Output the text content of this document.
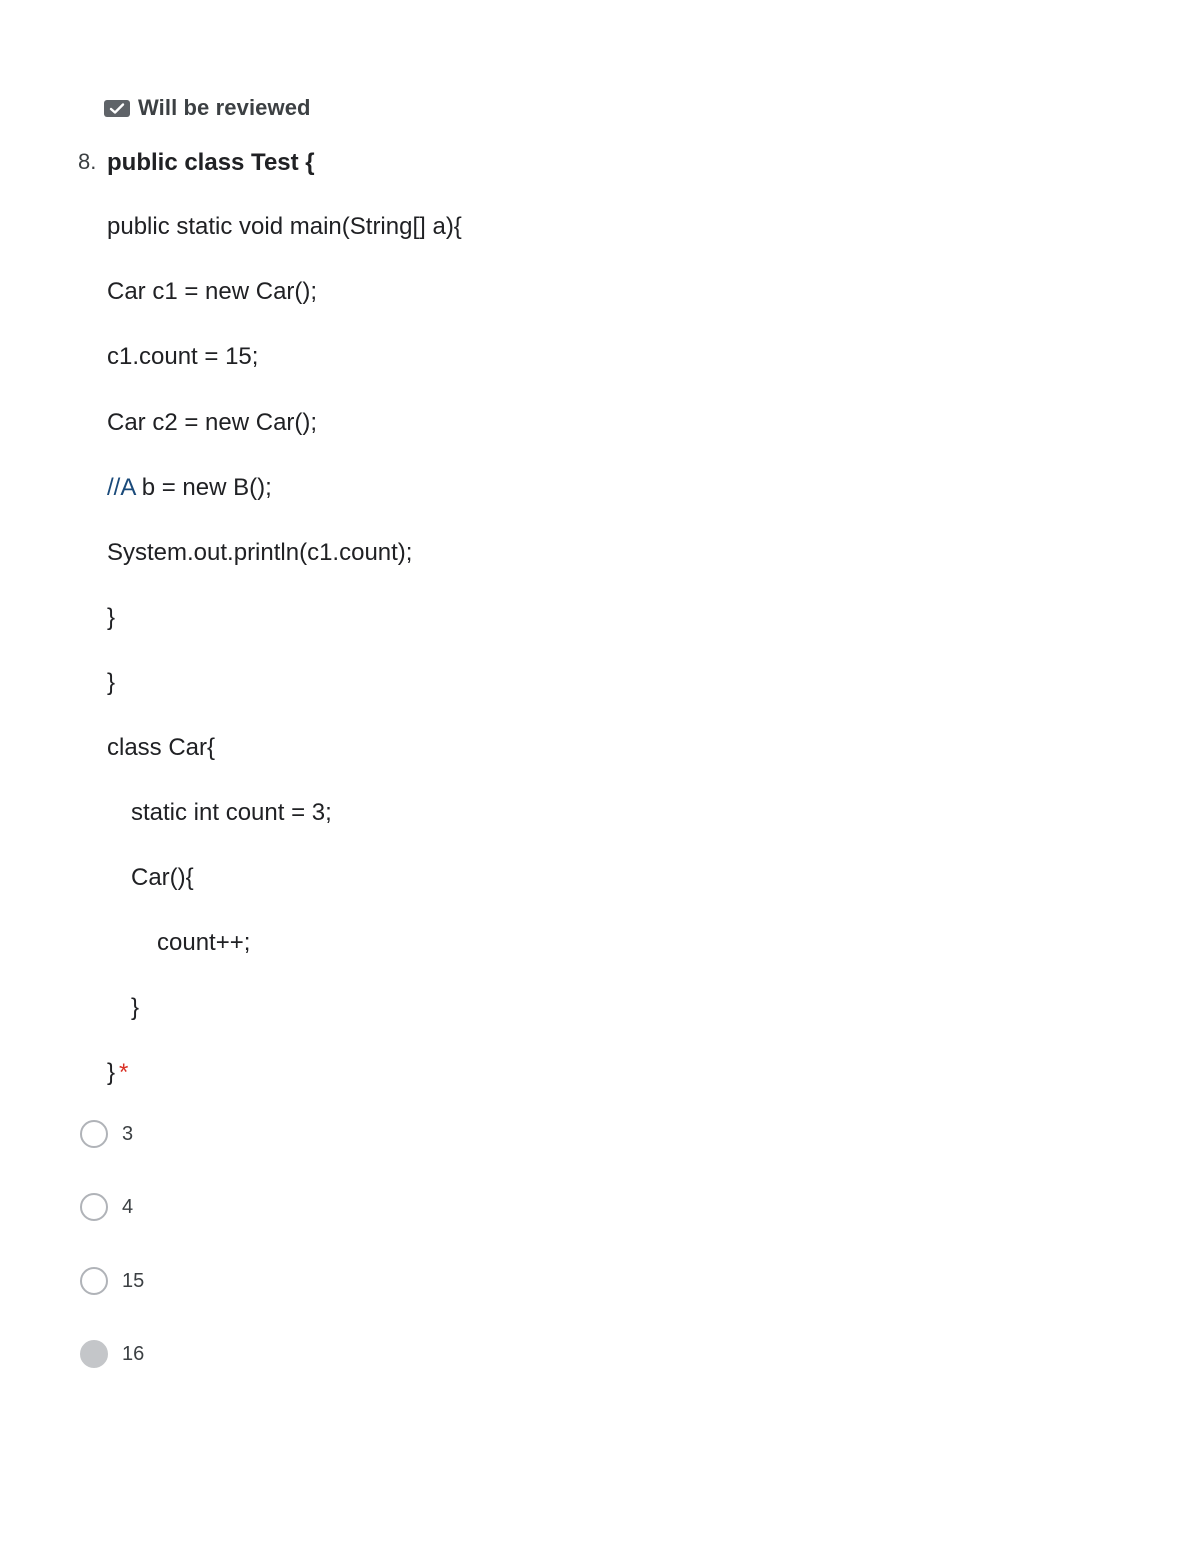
Will be reviewed
8. public class Test {
public static void main(String[] a){
Car c1 = new Car();
c1.count = 15;
Car c2 = new Car();
//A b = new B();
System.out.println(c1.count);
}
}
class Car{
static int count = 3;
Car(){
count++;
}
} *
3
4
15
16
